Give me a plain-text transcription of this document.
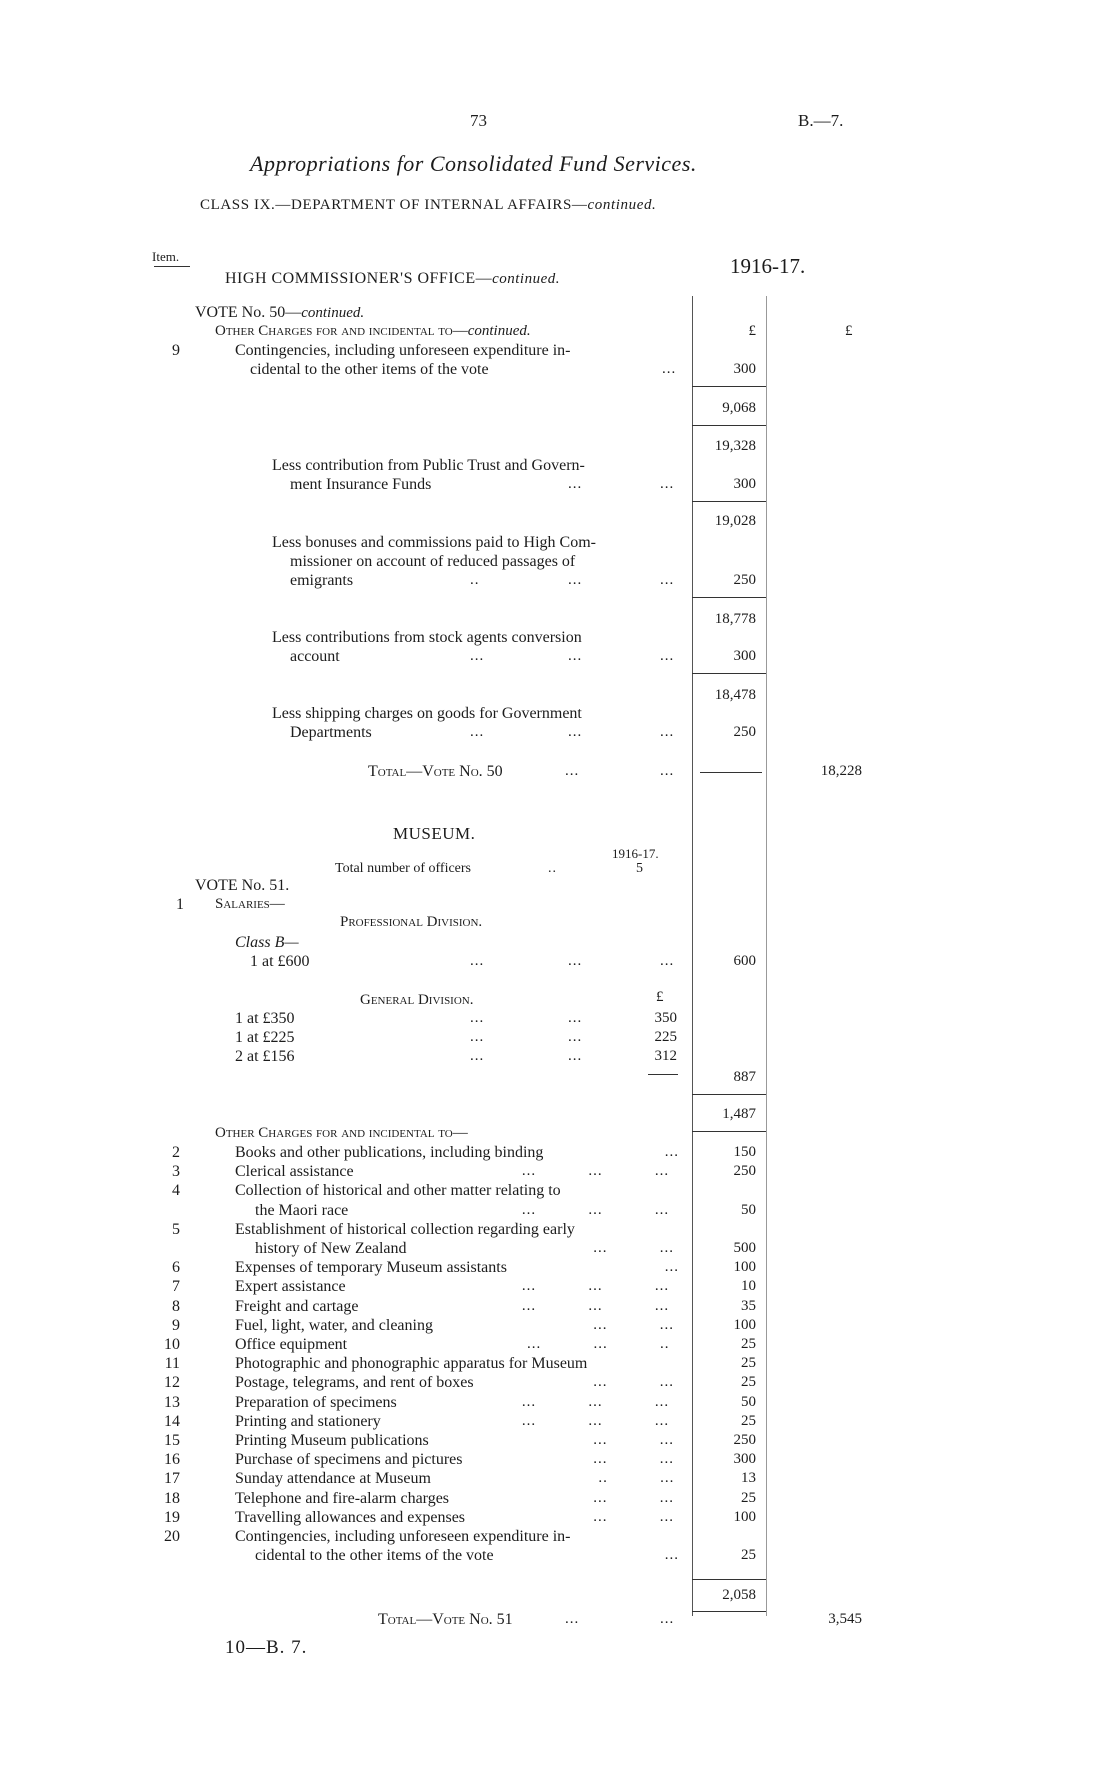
73	B.—7.
Appropriations for Consolidated Fund Services.
CLASS IX.—DEPARTMENT OF INTERNAL AFFAIRS—continued.
Item.	1916-17.
HIGH COMMISSIONER'S OFFICE—continued.
VOTE No. 50—continued.
Other Charges for and incidental to—continued.	£	£
9	Contingencies, including unforeseen expenditure in-
cidental to the other items of the vote	...	300
9,068
19,328
Less contribution from Public Trust and Govern-
ment Insurance Funds	...	...	300
19,028
Less bonuses and commissions paid to High Com-
missioner on account of reduced passages of
emigrants	..	...	...	250
18,778
Less contributions from stock agents conversion
account	...	...	...	300
18,478
Less shipping charges on goods for Government
Departments	...	...	...	250
Total—Vote No. 50	...	...	18,228
MUSEUM.
1916-17.
Total number of officers	..	5
VOTE No. 51.
1 Salaries—
Professional Division.
Class B—
1 at £600	...	...	...	600
General Division.	£
1 at £350	...	...	350
1 at £225	...	...	225
2 at £156	...	...	312
887
1,487
Other Charges for and incidental to—
2	Books and other publications, including binding	...	150
3	Clerical assistance	...           ...           ...	250
4	Collection of historical and other matter relating to
the Maori race	...           ...           ...	50
5	Establishment of historical collection regarding early
history of New Zealand	...           ...	500
6	Expenses of temporary Museum assistants	...	100
7	Expert assistance	...           ...           ...	10
8	Freight and cartage	...           ...           ...	35
9	Fuel, light, water, and cleaning	...           ...	100
10	Office equipment	...           ...           ..	25
11	Photographic and phonographic apparatus for Museum	25
12	Postage, telegrams, and rent of boxes	...           ...	25
13	Preparation of specimens	...           ...           ...	50
14	Printing and stationery	...           ...           ...	25
15	Printing Museum publications	...           ...	250
16	Purchase of specimens and pictures	...           ...	300
17	Sunday attendance at Museum	..           ...	13
18	Telephone and fire-alarm charges	...           ...	25
19	Travelling allowances and expenses	...           ...	100
20	Contingencies, including unforeseen expenditure in-
cidental to the other items of the vote	...	25
2,058
Total—Vote No. 51	...	...	3,545
10—B. 7.
